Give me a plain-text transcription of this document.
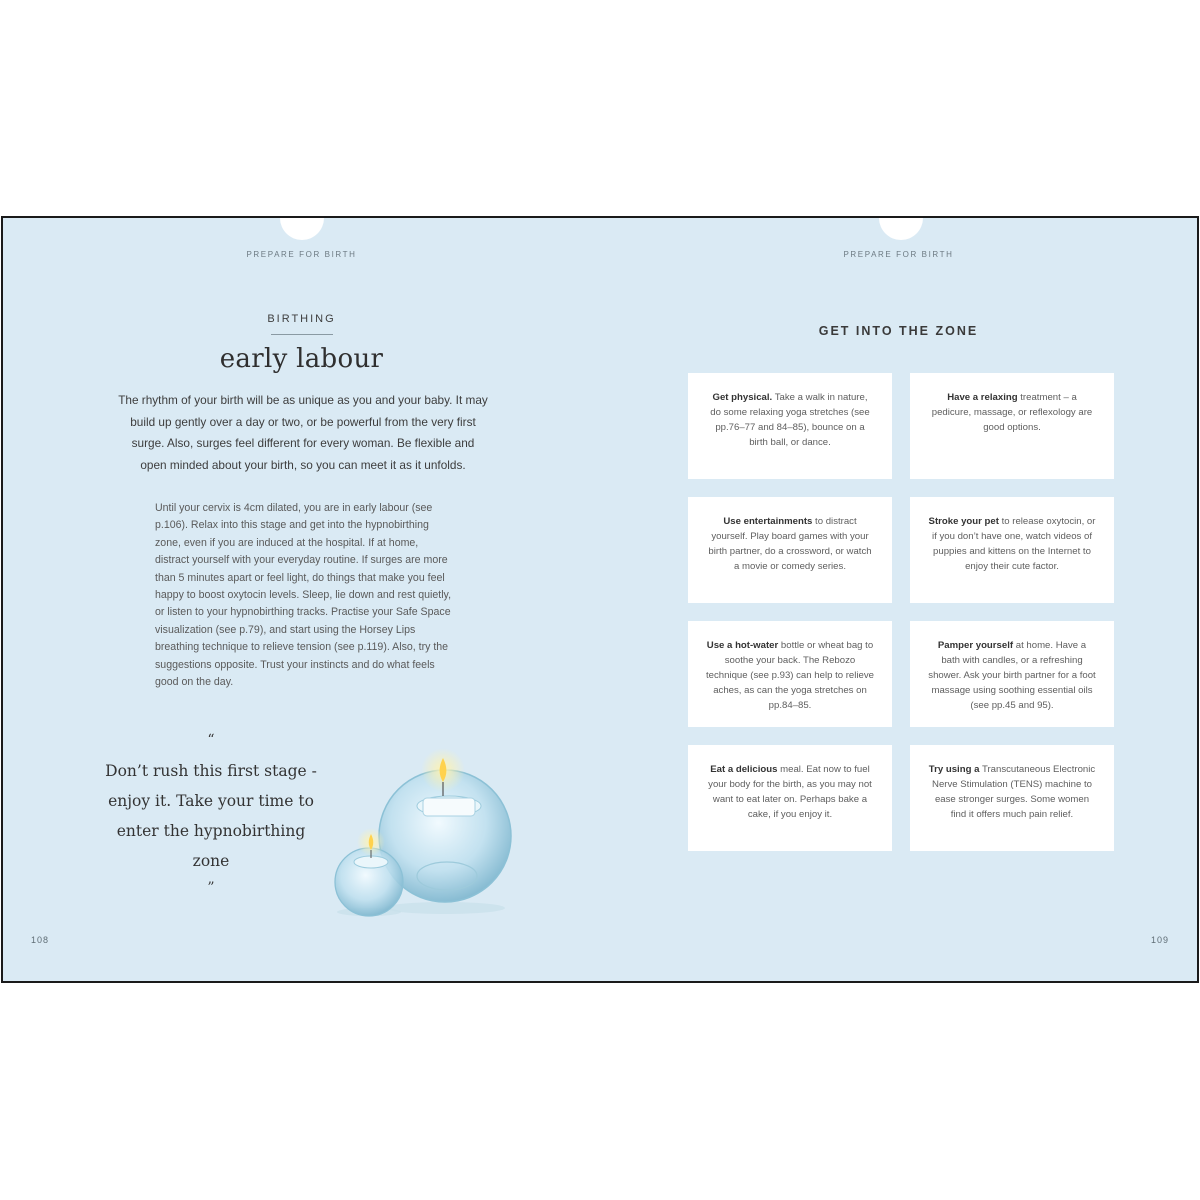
PREPARE FOR BIRTH
BIRTHING
early labour
The rhythm of your birth will be as unique as you and your baby. It may build up gently over a day or two, or be powerful from the very first surge. Also, surges feel different for every woman. Be flexible and open minded about your birth, so you can meet it as it unfolds.
Until your cervix is 4cm dilated, you are in early labour (see p.106). Relax into this stage and get into the hypnobirthing zone, even if you are induced at the hospital. If at home, distract yourself with your everyday routine. If surges are more than 5 minutes apart or feel light, do things that make you feel happy to boost oxytocin levels. Sleep, lie down and rest quietly, or listen to your hypnobirthing tracks. Practise your Safe Space visualization (see p.79), and start using the Horsey Lips breathing technique to relieve tension (see p.119). Also, try the suggestions opposite. Trust your instincts and do what feels good on the day.
“
Don’t rush this first stage - enjoy it. Take your time to enter the hypnobirthing zone
”
108
PREPARE FOR BIRTH
GET INTO THE ZONE
Get physical. Take a walk in nature, do some relaxing yoga stretches (see pp.76–77 and 84–85), bounce on a birth ball, or dance.
Have a relaxing treatment – a pedicure, massage, or reflexology are good options.
Use entertainments to distract yourself. Play board games with your birth partner, do a crossword, or watch a movie or comedy series.
Stroke your pet to release oxytocin, or if you don’t have one, watch videos of puppies and kittens on the Internet to enjoy their cute factor.
Use a hot-water bottle or wheat bag to soothe your back. The Rebozo technique (see p.93) can help to relieve aches, as can the yoga stretches on pp.84–85.
Pamper yourself at home. Have a bath with candles, or a refreshing shower. Ask your birth partner for a foot massage using soothing essential oils (see pp.45 and 95).
Eat a delicious meal. Eat now to fuel your body for the birth, as you may not want to eat later on. Perhaps bake a cake, if you enjoy it.
Try using a Transcutaneous Electronic Nerve Stimulation (TENS) machine to ease stronger surges. Some women find it offers much pain relief.
109
